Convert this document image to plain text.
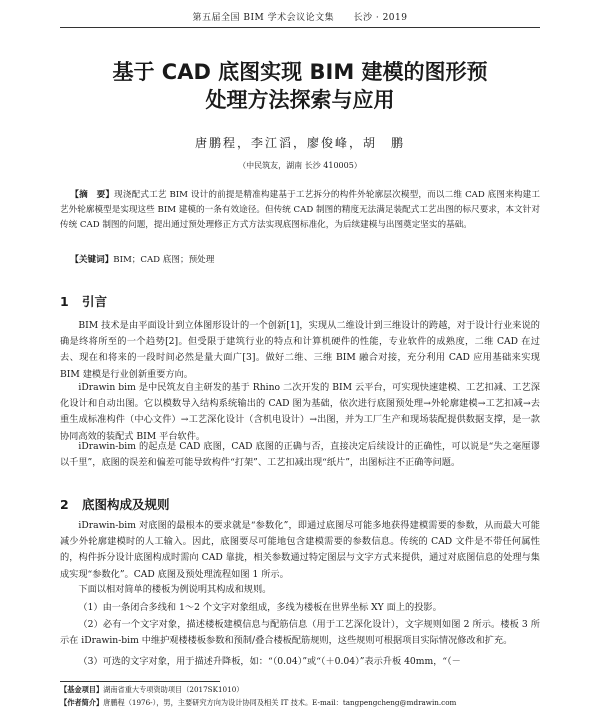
第五届全国 BIM 学术会议论文集 长沙 · 2019
基于 CAD 底图实现 BIM 建模的图形预
处理方法探索与应用
唐鹏程，李江滔，廖俊峰，胡　鹏
（中民筑友，湖南 长沙 410005）
【摘　要】现浇配式工艺 BIM 设计的前提是精准构建基于工艺拆分的构件外轮廓层次模型，而以二维 CAD 底图来构建工艺外轮廓模型是实现这些 BIM 建模的一条有效途径。但传统 CAD 制图的精度无法满足装配式工艺出图的标尺要求，本文针对传统 CAD 制图的问题，提出通过预处理修正方式方法实现底图标准化，为后续建模与出图奠定坚实的基础。
【关键词】BIM；CAD 底图；预处理
1 引言
BIM 技术是由平面设计到立体图形设计的一个创新[1]，实现从二维设计到三维设计的跨越，对于设计行业来说的确是终将所至的一个趋势[2]。但受限于建筑行业的特点和计算机硬件的性能，专业软件的成熟度，二维 CAD 在过去、现在和将来的一段时间必然是量大面广[3]。做好二维、三维 BIM 融合对接，充分利用 CAD 应用基础来实现 BIM 建模是行业创新重要方向。
iDrawin bim 是中民筑友自主研发的基于 Rhino 二次开发的 BIM 云平台，可实现快速建模、工艺扣减、工艺深化设计和自动出图。它以模数导入结构系统输出的 CAD 图为基础，依次进行底图预处理→外轮廓建模→工艺扣减→去重生成标准构件（中心文件）→工艺深化设计（含机电设计）→出图，并为工厂生产和现场装配提供数据支撑，是一款协同高效的装配式 BIM 平台软件。
iDrawin-bim 的起点是 CAD 底图，CAD 底图的正确与否，直接决定后续设计的正确性，可以说是“失之毫厘谬以千里”，底图的误差和偏差可能导致构件“打架”、工艺扣减出现“纸片”，出图标注不正确等问题。
2 底图构成及规则
iDrawin-bim 对底图的最根本的要求就是“参数化”，即通过底图尽可能多地获得建模需要的参数，从而最大可能减少外轮廓建模时的人工输入。因此，底图要尽可能地包含建模需要的参数信息。传统的 CAD 文件是不带任何属性的，构件拆分设计底图构成时需向 CAD 靠拢，相关参数通过特定图层与文字方式来提供，通过对底图信息的处理与集成实现“参数化”。CAD 底图及预处理流程如图 1 所示。
下面以相对简单的楼板为例说明其构成和规则。
（1）由一条闭合多线和 1～2 个文字对象组成，多线为楼板在世界坐标 XY 面上的投影。
（2）必有一个文字对象，描述楼板建模信息与配筋信息（用于工艺深化设计），文字规则如图 2 所示。楼板 3 所示在 iDrawin-bim 中维护观楼楼板参数和预制/叠合楼板配筋规则，这些规则可根据项目实际情况修改和扩充。
（3）可选的文字对象，用于描述升降板，如：“（0.04）”或“（＋0.04）”表示升板 40mm，“（－
【基金项目】湖南省重大专项资助项目（2017SK1010）
【作者简介】唐鹏程（1976-），男，主要研究方向为设计协同及相关 IT 技术。E-mail：tangpengcheng@mdrawin.com
